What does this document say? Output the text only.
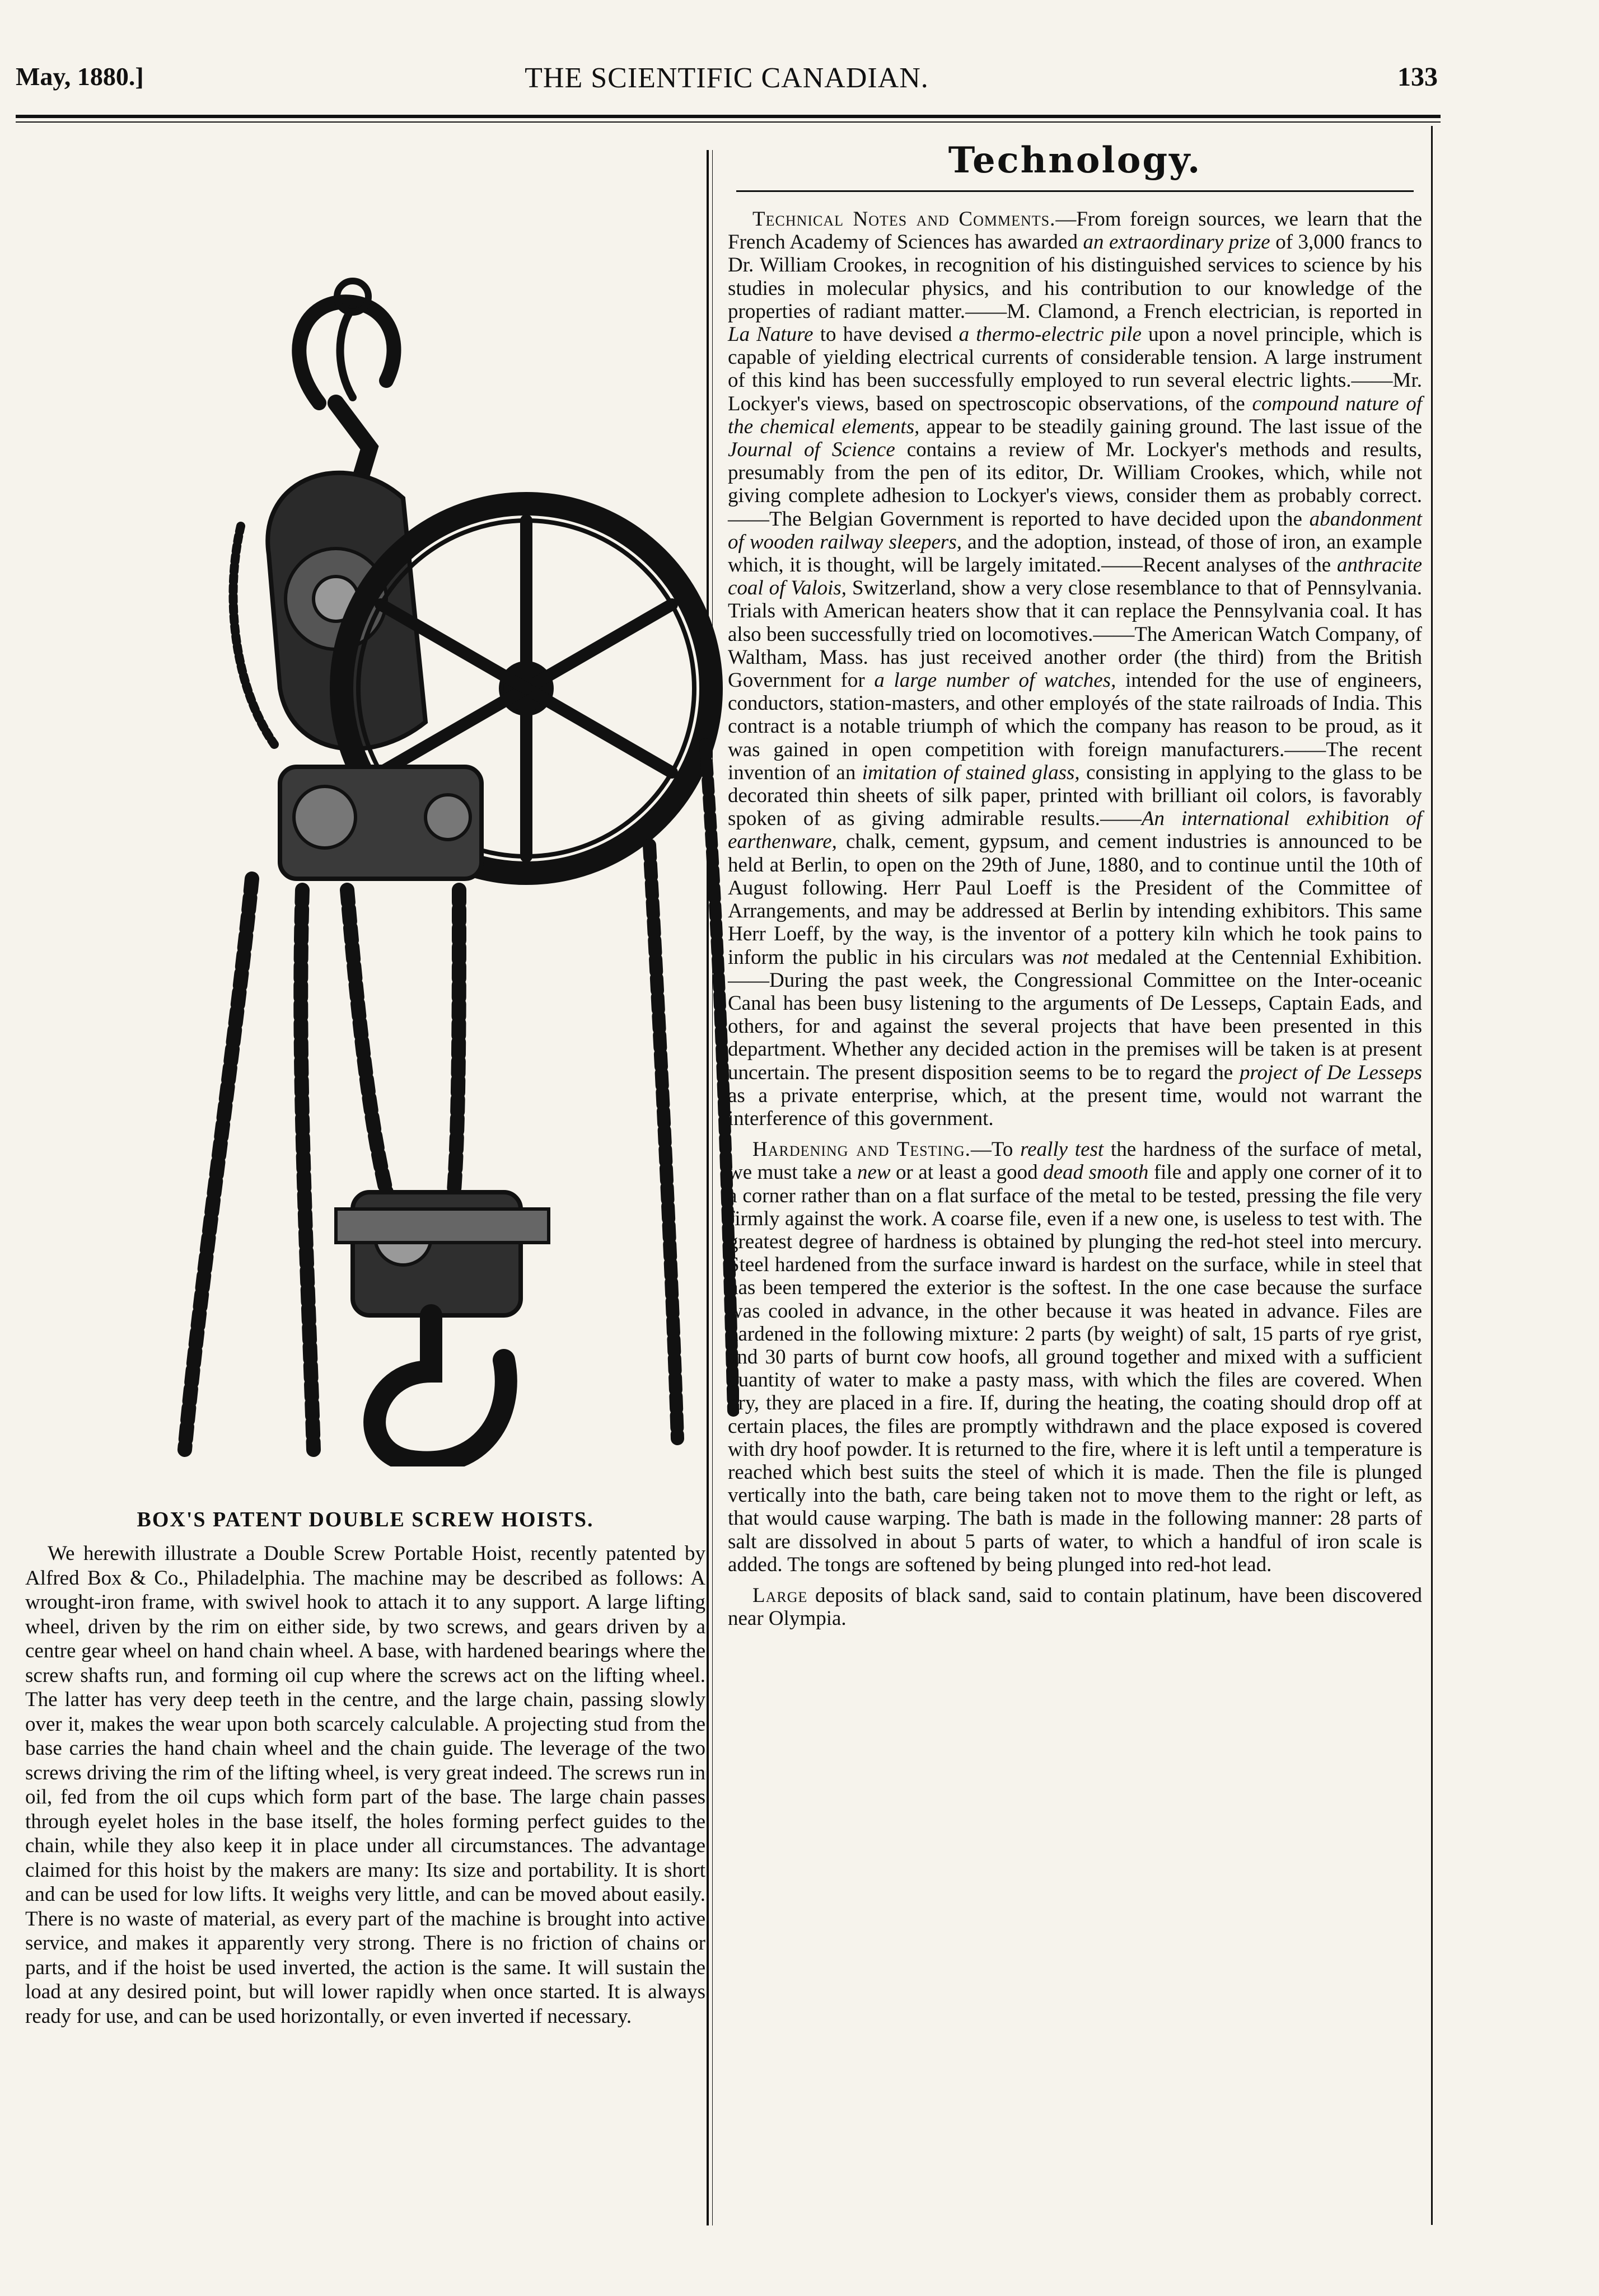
May, 1880.]	THE SCIENTIFIC CANADIAN.	133
BOX'S PATENT DOUBLE SCREW HOISTS.

We herewith illustrate a Double Screw Portable Hoist, recently patented by Alfred Box & Co., Philadelphia. The machine may be described as follows: A wrought-iron frame, with swivel hook to attach it to any support. A large lifting wheel, driven by the rim on either side, by two screws, and gears driven by a centre gear wheel on hand chain wheel. A base, with hardened bearings where the screw shafts run, and forming oil cup where the screws act on the lifting wheel. The latter has very deep teeth in the centre, and the large chain, passing slowly over it, makes the wear upon both scarcely calculable. A projecting stud from the base carries the hand chain wheel and the chain guide. The leverage of the two screws driving the rim of the lifting wheel, is very great indeed. The screws run in oil, fed from the oil cups which form part of the base. The large chain passes through eyelet holes in the base itself, the holes forming perfect guides to the chain, while they also keep it in place under all circumstances. The advantage claimed for this hoist by the makers are many: Its size and portability. It is short and can be used for low lifts. It weighs very little, and can be moved about easily. There is no waste of material, as every part of the machine is brought into active service, and makes it apparently very strong. There is no friction of chains or parts, and if the hoist be used inverted, the action is the same. It will sustain the load at any desired point, but will lower rapidly when once started. It is always ready for use, and can be used horizontally, or even inverted if necessary.

Technology.

Technical Notes and Comments.—From foreign sources, we learn that the French Academy of Sciences has awarded an extraordinary prize of 3,000 francs to Dr. William Crookes, in recognition of his distinguished services to science by his studies in molecular physics, and his contribution to our knowledge of the properties of radiant matter.——M. Clamond, a French electrician, is reported in La Nature to have devised a thermo-electric pile upon a novel principle, which is capable of yielding electrical currents of considerable tension. A large instrument of this kind has been successfully employed to run several electric lights.——Mr. Lockyer's views, based on spectroscopic observations, of the compound nature of the chemical elements, appear to be steadily gaining ground. The last issue of the Journal of Science contains a review of Mr. Lockyer's methods and results, presumably from the pen of its editor, Dr. William Crookes, which, while not giving complete adhesion to Lockyer's views, consider them as probably correct.——The Belgian Government is reported to have decided upon the abandonment of wooden railway sleepers, and the adoption, instead, of those of iron, an example which, it is thought, will be largely imitated.——Recent analyses of the anthracite coal of Valois, Switzerland, show a very close resemblance to that of Pennsylvania. Trials with American heaters show that it can replace the Pennsylvania coal. It has also been successfully tried on locomotives.——The American Watch Company, of Waltham, Mass. has just received another order (the third) from the British Government for a large number of watches, intended for the use of engineers, conductors, station-masters, and other employés of the state railroads of India. This contract is a notable triumph of which the company has reason to be proud, as it was gained in open competition with foreign manufacturers.——The recent invention of an imitation of stained glass, consisting in applying to the glass to be decorated thin sheets of silk paper, printed with brilliant oil colors, is favorably spoken of as giving admirable results.——An international exhibition of earthenware, chalk, cement, gypsum, and cement industries is announced to be held at Berlin, to open on the 29th of June, 1880, and to continue until the 10th of August following. Herr Paul Loeff is the President of the Committee of Arrangements, and may be addressed at Berlin by intending exhibitors. This same Herr Loeff, by the way, is the inventor of a pottery kiln which he took pains to inform the public in his circulars was not medaled at the Centennial Exhibition.——During the past week, the Congressional Committee on the Inter-oceanic Canal has been busy listening to the arguments of De Lesseps, Captain Eads, and others, for and against the several projects that have been presented in this department. Whether any decided action in the premises will be taken is at present uncertain. The present disposition seems to be to regard the project of De Lesseps as a private enterprise, which, at the present time, would not warrant the interference of this government.

Hardening and Testing.—To really test the hardness of the surface of metal, we must take a new or at least a good dead smooth file and apply one corner of it to a corner rather than on a flat surface of the metal to be tested, pressing the file very firmly against the work. A coarse file, even if a new one, is useless to test with. The greatest degree of hardness is obtained by plunging the red-hot steel into mercury. Steel hardened from the surface inward is hardest on the surface, while in steel that has been tempered the exterior is the softest. In the one case because the surface was cooled in advance, in the other because it was heated in advance. Files are hardened in the following mixture: 2 parts (by weight) of salt, 15 parts of rye grist, and 30 parts of burnt cow hoofs, all ground together and mixed with a sufficient quantity of water to make a pasty mass, with which the files are covered. When dry, they are placed in a fire. If, during the heating, the coating should drop off at certain places, the files are promptly withdrawn and the place exposed is covered with dry hoof powder. It is returned to the fire, where it is left until a temperature is reached which best suits the steel of which it is made. Then the file is plunged vertically into the bath, care being taken not to move them to the right or left, as that would cause warping. The bath is made in the following manner: 28 parts of salt are dissolved in about 5 parts of water, to which a handful of iron scale is added. The tongs are softened by being plunged into red-hot lead.

Large deposits of black sand, said to contain platinum, have been discovered near Olympia.
